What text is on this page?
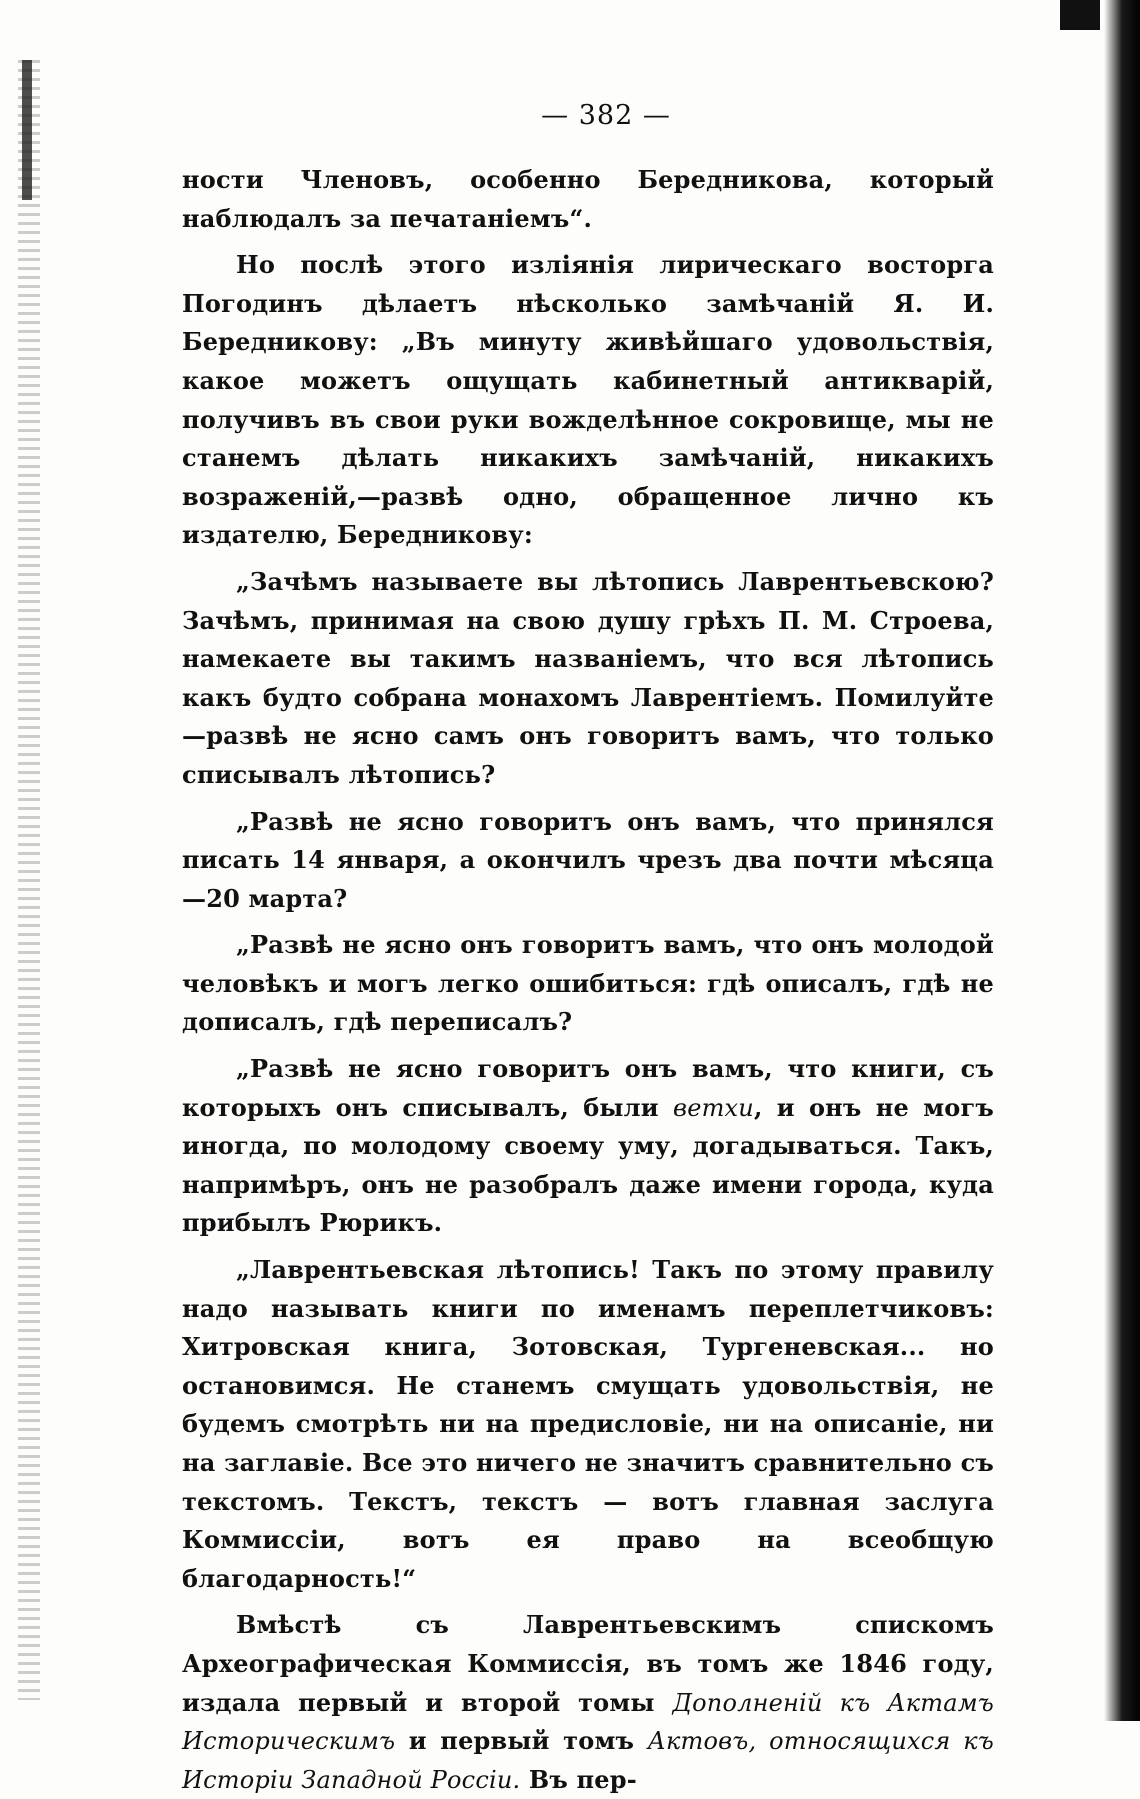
— 382 —

ности Членовъ, особенно Бередникова, который наблюдалъ за печатаніемъ“.

Но послѣ этого изліянія лирическаго восторга Погодинъ дѣлаетъ нѣсколько замѣчаній Я. И. Бередникову: „Въ минуту живѣйшаго удовольствія, какое можетъ ощущать кабинетный антикварій, получивъ въ свои руки вожделѣнное сокровище, мы не станемъ дѣлать никакихъ замѣчаній, никакихъ возраженій,—развѣ одно, обращенное лично къ издателю, Бередникову:

„Зачѣмъ называете вы лѣтопись Лаврентьевскою? Зачѣмъ, принимая на свою душу грѣхъ П. М. Строева, намекаете вы такимъ названіемъ, что вся лѣтопись какъ будто собрана монахомъ Лаврентіемъ. Помилуйте—развѣ не ясно самъ онъ говоритъ вамъ, что только списывалъ лѣтопись?

„Развѣ не ясно говоритъ онъ вамъ, что принялся писать 14 января, а окончилъ чрезъ два почти мѣсяца—20 марта?

„Развѣ не ясно онъ говоритъ вамъ, что онъ молодой человѣкъ и могъ легко ошибиться: гдѣ описалъ, гдѣ не дописалъ, гдѣ переписалъ?

„Развѣ не ясно говоритъ онъ вамъ, что книги, съ которыхъ онъ списывалъ, были ветхи, и онъ не могъ иногда, по молодому своему уму, догадываться. Такъ, напримѣръ, онъ не разобралъ даже имени города, куда прибылъ Рюрикъ.

„Лаврентьевская лѣтопись! Такъ по этому правилу надо называть книги по именамъ переплетчиковъ: Хитровская книга, Зотовская, Тургеневская... но остановимся. Не станемъ смущать удовольствія, не будемъ смотрѣть ни на предисловіе, ни на описаніе, ни на заглавіе. Все это ничего не значитъ сравнительно съ текстомъ. Текстъ, текстъ — вотъ главная заслуга Коммиссіи, вотъ ея право на всеобщую благодарность!“

Вмѣстѣ съ Лаврентьевскимъ спискомъ Археографическая Коммиссія, въ томъ же 1846 году, издала первый и второй томы Дополненій къ Актамъ Историческимъ и первый томъ Актовъ, относящихся къ Исторіи Западной Россіи. Въ пер-
